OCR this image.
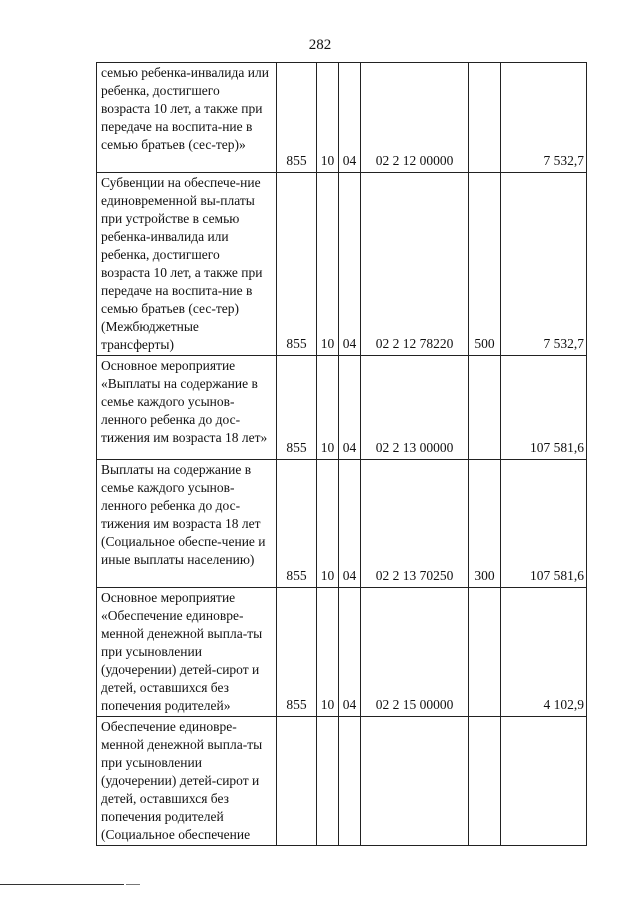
282
семью ребенка-инвалида или ребенка, достигшего возраста 10 лет, а также при передаче на воспита-ние в семью братьев (сес-тер)»	855	10	04	02 2 12 00000		7 532,7
Субвенции на обеспече-ние единовременной вы-платы при устройстве в семью ребенка-инвалида или ребенка, достигшего возраста 10 лет, а также при передаче на воспита-ние в семью братьев (сес-тер) (Межбюджетные трансферты)	855	10	04	02 2 12 78220	500	7 532,7
Основное мероприятие «Выплаты на содержание в семье каждого усынов-ленного ребенка до дос-тижения им возраста 18 лет»	855	10	04	02 2 13 00000		107 581,6
Выплаты на содержание в семье каждого усынов-ленного ребенка до дос-тижения им возраста 18 лет (Социальное обеспе-чение и иные выплаты населению)	855	10	04	02 2 13 70250	300	107 581,6
Основное мероприятие «Обеспечение единовре-менной денежной выпла-ты при усыновлении (удочерении) детей-сирот и детей, оставшихся без попечения родителей»	855	10	04	02 2 15 00000		4 102,9
Обеспечение единовре-менной денежной выпла-ты при усыновлении (удочерении) детей-сирот и детей, оставшихся без попечения родителей (Социальное обеспечение						
